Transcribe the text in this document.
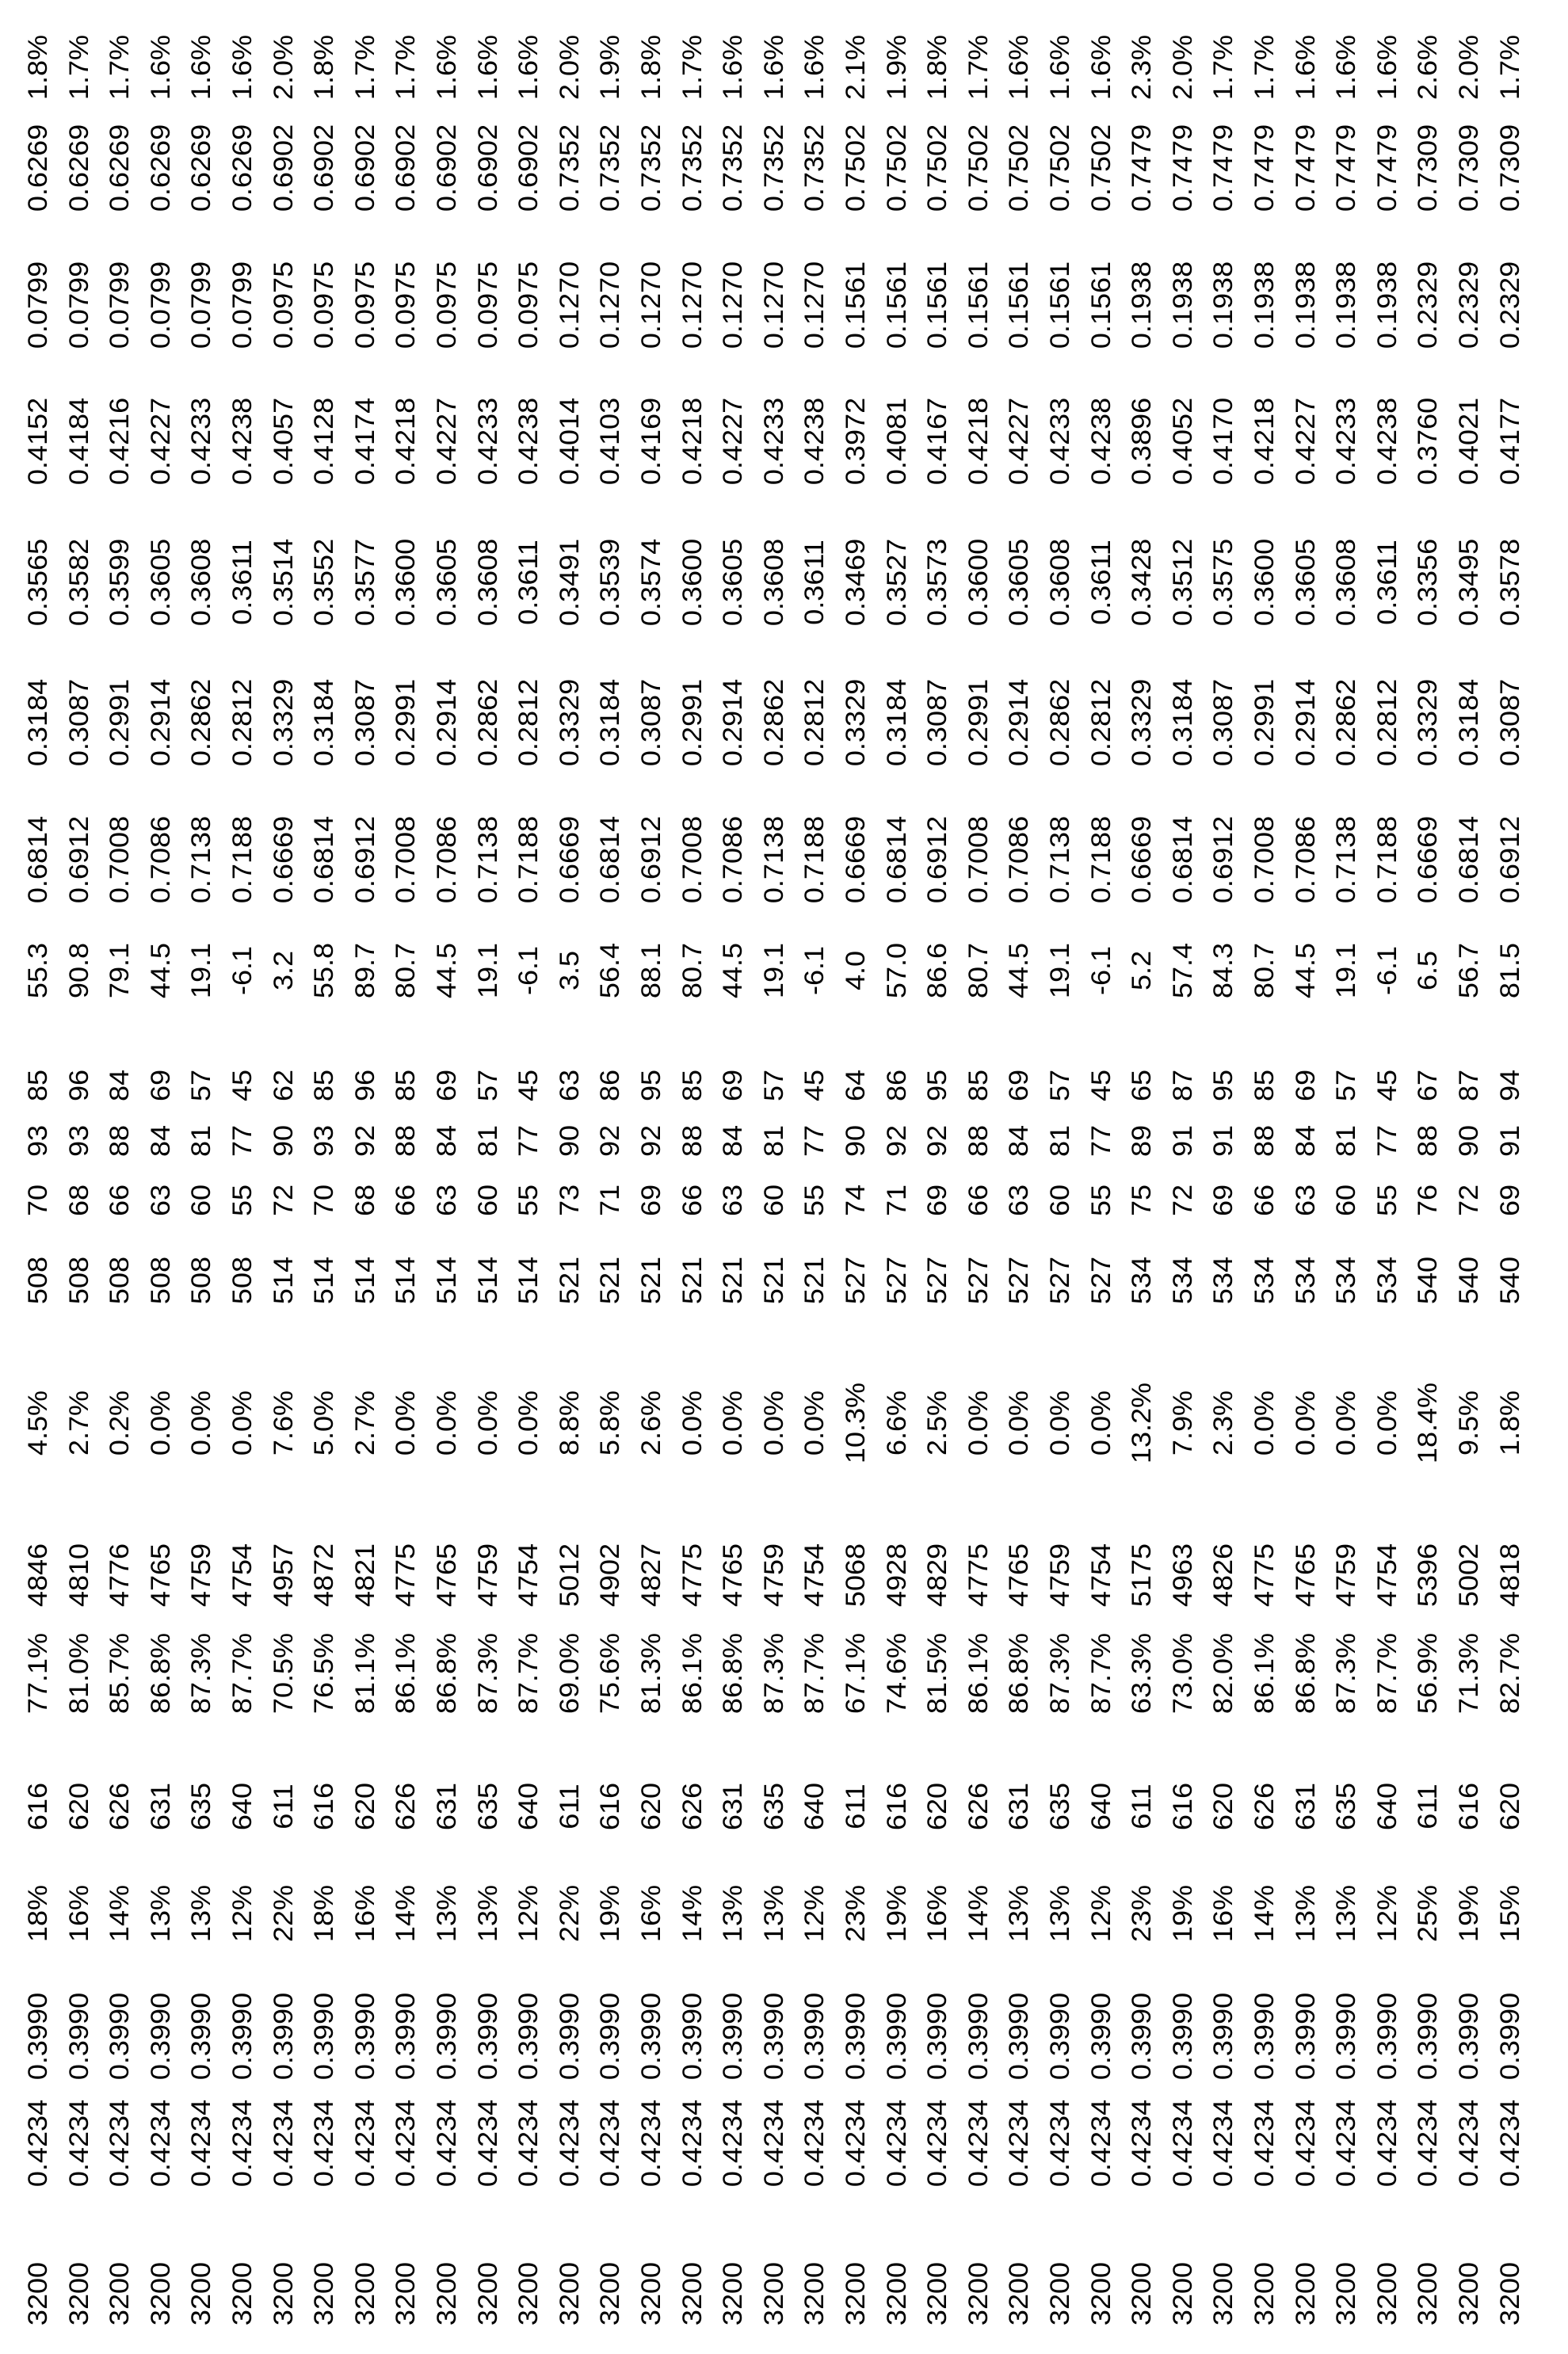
3200
0.4234
0.3990
18%
616
77.1%
4846
4.5%
508
70
93
85
55.3
0.6814
0.3184
0.3565
0.4152
0.0799
0.6269
1.8%
3200
0.4234
0.3990
16%
620
81.0%
4810
2.7%
508
68
93
96
90.8
0.6912
0.3087
0.3582
0.4184
0.0799
0.6269
1.7%
3200
0.4234
0.3990
14%
626
85.7%
4776
0.2%
508
66
88
84
79.1
0.7008
0.2991
0.3599
0.4216
0.0799
0.6269
1.7%
3200
0.4234
0.3990
13%
631
86.8%
4765
0.0%
508
63
84
69
44.5
0.7086
0.2914
0.3605
0.4227
0.0799
0.6269
1.6%
3200
0.4234
0.3990
13%
635
87.3%
4759
0.0%
508
60
81
57
19.1
0.7138
0.2862
0.3608
0.4233
0.0799
0.6269
1.6%
3200
0.4234
0.3990
12%
640
87.7%
4754
0.0%
508
55
77
45
-6.1
0.7188
0.2812
0.3611
0.4238
0.0799
0.6269
1.6%
3200
0.4234
0.3990
22%
611
70.5%
4957
7.6%
514
72
90
62
3.2
0.6669
0.3329
0.3514
0.4057
0.0975
0.6902
2.0%
3200
0.4234
0.3990
18%
616
76.5%
4872
5.0%
514
70
93
85
55.8
0.6814
0.3184
0.3552
0.4128
0.0975
0.6902
1.8%
3200
0.4234
0.3990
16%
620
81.1%
4821
2.7%
514
68
92
96
89.7
0.6912
0.3087
0.3577
0.4174
0.0975
0.6902
1.7%
3200
0.4234
0.3990
14%
626
86.1%
4775
0.0%
514
66
88
85
80.7
0.7008
0.2991
0.3600
0.4218
0.0975
0.6902
1.7%
3200
0.4234
0.3990
13%
631
86.8%
4765
0.0%
514
63
84
69
44.5
0.7086
0.2914
0.3605
0.4227
0.0975
0.6902
1.6%
3200
0.4234
0.3990
13%
635
87.3%
4759
0.0%
514
60
81
57
19.1
0.7138
0.2862
0.3608
0.4233
0.0975
0.6902
1.6%
3200
0.4234
0.3990
12%
640
87.7%
4754
0.0%
514
55
77
45
-6.1
0.7188
0.2812
0.3611
0.4238
0.0975
0.6902
1.6%
3200
0.4234
0.3990
22%
611
69.0%
5012
8.8%
521
73
90
63
3.5
0.6669
0.3329
0.3491
0.4014
0.1270
0.7352
2.0%
3200
0.4234
0.3990
19%
616
75.6%
4902
5.8%
521
71
92
86
56.4
0.6814
0.3184
0.3539
0.4103
0.1270
0.7352
1.9%
3200
0.4234
0.3990
16%
620
81.3%
4827
2.6%
521
69
92
95
88.1
0.6912
0.3087
0.3574
0.4169
0.1270
0.7352
1.8%
3200
0.4234
0.3990
14%
626
86.1%
4775
0.0%
521
66
88
85
80.7
0.7008
0.2991
0.3600
0.4218
0.1270
0.7352
1.7%
3200
0.4234
0.3990
13%
631
86.8%
4765
0.0%
521
63
84
69
44.5
0.7086
0.2914
0.3605
0.4227
0.1270
0.7352
1.6%
3200
0.4234
0.3990
13%
635
87.3%
4759
0.0%
521
60
81
57
19.1
0.7138
0.2862
0.3608
0.4233
0.1270
0.7352
1.6%
3200
0.4234
0.3990
12%
640
87.7%
4754
0.0%
521
55
77
45
-6.1
0.7188
0.2812
0.3611
0.4238
0.1270
0.7352
1.6%
3200
0.4234
0.3990
23%
611
67.1%
5068
10.3%
527
74
90
64
4.0
0.6669
0.3329
0.3469
0.3972
0.1561
0.7502
2.1%
3200
0.4234
0.3990
19%
616
74.6%
4928
6.6%
527
71
92
86
57.0
0.6814
0.3184
0.3527
0.4081
0.1561
0.7502
1.9%
3200
0.4234
0.3990
16%
620
81.5%
4829
2.5%
527
69
92
95
86.6
0.6912
0.3087
0.3573
0.4167
0.1561
0.7502
1.8%
3200
0.4234
0.3990
14%
626
86.1%
4775
0.0%
527
66
88
85
80.7
0.7008
0.2991
0.3600
0.4218
0.1561
0.7502
1.7%
3200
0.4234
0.3990
13%
631
86.8%
4765
0.0%
527
63
84
69
44.5
0.7086
0.2914
0.3605
0.4227
0.1561
0.7502
1.6%
3200
0.4234
0.3990
13%
635
87.3%
4759
0.0%
527
60
81
57
19.1
0.7138
0.2862
0.3608
0.4233
0.1561
0.7502
1.6%
3200
0.4234
0.3990
12%
640
87.7%
4754
0.0%
527
55
77
45
-6.1
0.7188
0.2812
0.3611
0.4238
0.1561
0.7502
1.6%
3200
0.4234
0.3990
23%
611
63.3%
5175
13.2%
534
75
89
65
5.2
0.6669
0.3329
0.3428
0.3896
0.1938
0.7479
2.3%
3200
0.4234
0.3990
19%
616
73.0%
4963
7.9%
534
72
91
87
57.4
0.6814
0.3184
0.3512
0.4052
0.1938
0.7479
2.0%
3200
0.4234
0.3990
16%
620
82.0%
4826
2.3%
534
69
91
95
84.3
0.6912
0.3087
0.3575
0.4170
0.1938
0.7479
1.7%
3200
0.4234
0.3990
14%
626
86.1%
4775
0.0%
534
66
88
85
80.7
0.7008
0.2991
0.3600
0.4218
0.1938
0.7479
1.7%
3200
0.4234
0.3990
13%
631
86.8%
4765
0.0%
534
63
84
69
44.5
0.7086
0.2914
0.3605
0.4227
0.1938
0.7479
1.6%
3200
0.4234
0.3990
13%
635
87.3%
4759
0.0%
534
60
81
57
19.1
0.7138
0.2862
0.3608
0.4233
0.1938
0.7479
1.6%
3200
0.4234
0.3990
12%
640
87.7%
4754
0.0%
534
55
77
45
-6.1
0.7188
0.2812
0.3611
0.4238
0.1938
0.7479
1.6%
3200
0.4234
0.3990
25%
611
56.9%
5396
18.4%
540
76
88
67
6.5
0.6669
0.3329
0.3356
0.3760
0.2329
0.7309
2.6%
3200
0.4234
0.3990
19%
616
71.3%
5002
9.5%
540
72
90
87
56.7
0.6814
0.3184
0.3495
0.4021
0.2329
0.7309
2.0%
3200
0.4234
0.3990
15%
620
82.7%
4818
1.8%
540
69
91
94
81.5
0.6912
0.3087
0.3578
0.4177
0.2329
0.7309
1.7%
